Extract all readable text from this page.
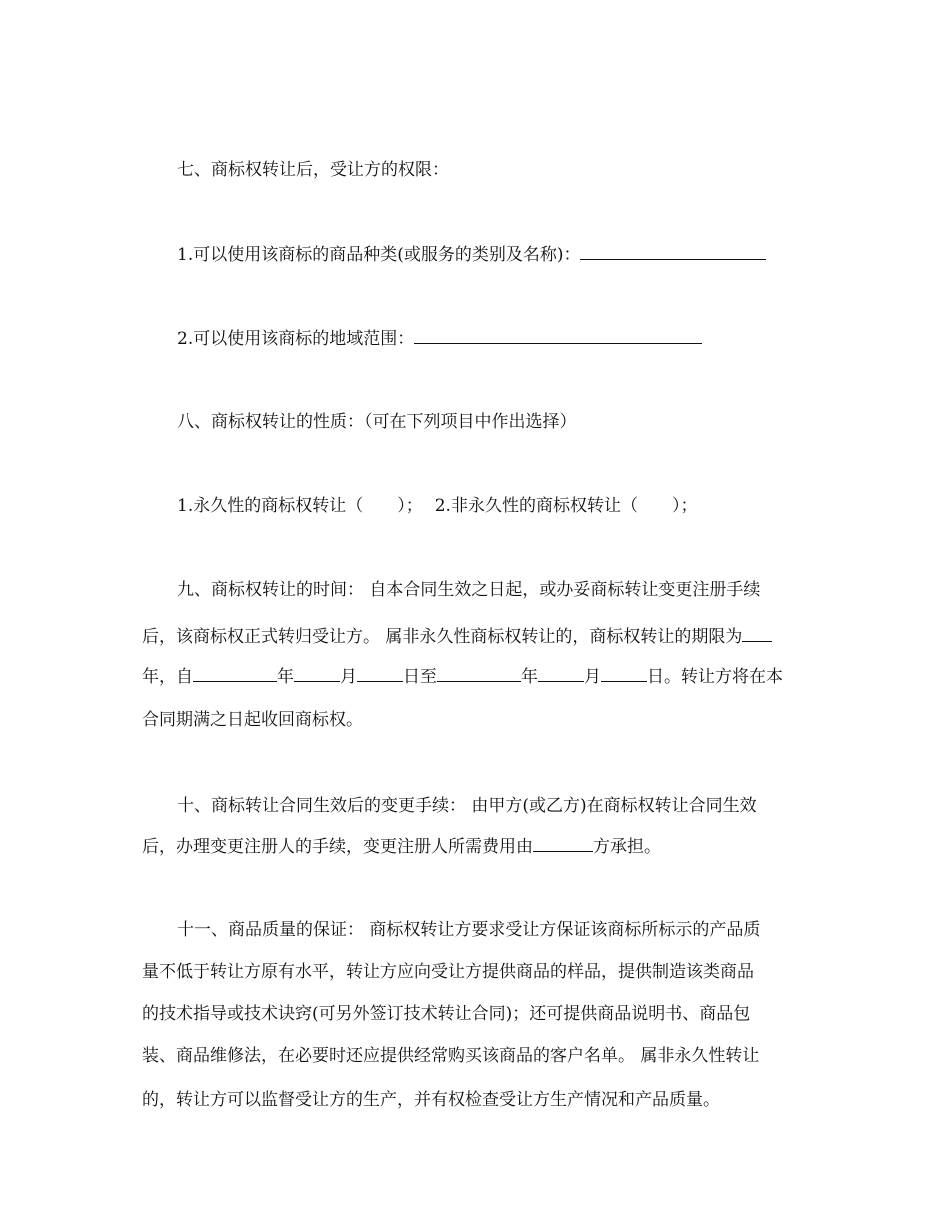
七、商标权转让后，受让方的权限：
1.可以使用该商标的商品种类(或服务的类别及名称)：
2.可以使用该商标的地域范围：
八、商标权转让的性质：（可在下列项目中作出选择）
1.永久性的商标权转让（ ）； 2.非永久性的商标权转让（ ）；
九、商标权转让的时间： 自本合同生效之日起，或办妥商标转让变更注册手续
后，该商标权正式转归受让方。 属非永久性商标权转让的，商标权转让的期限为
年，自	年	月	日至	年	月	日。转让方将在本
合同期满之日起收回商标权。
十、商标转让合同生效后的变更手续： 由甲方(或乙方)在商标权转让合同生效
后，办理变更注册人的手续，变更注册人所需费用由	方承担。
十一、商品质量的保证： 商标权转让方要求受让方保证该商标所标示的产品质
量不低于转让方原有水平，转让方应向受让方提供商品的样品，提供制造该类商品
的技术指导或技术诀窍(可另外签订技术转让合同)；还可提供商品说明书、商品包
装、商品维修法，在必要时还应提供经常购买该商品的客户名单。 属非永久性转让
的，转让方可以监督受让方的生产，并有权检查受让方生产情况和产品质量。
